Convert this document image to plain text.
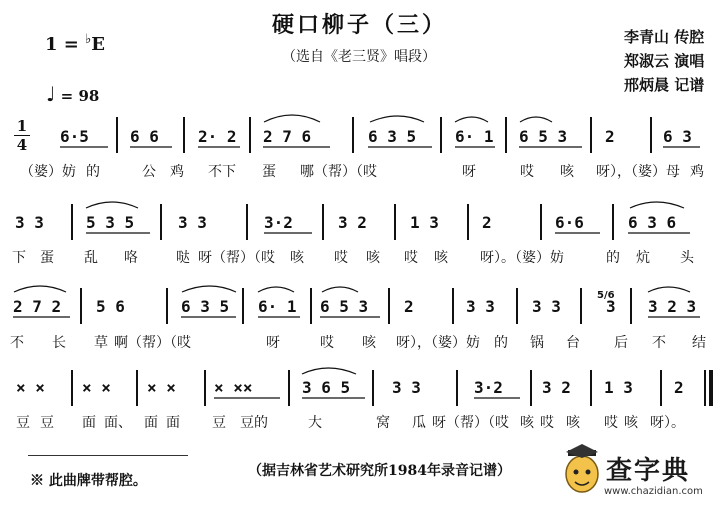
硬口柳子（三）
（选自《老三贤》唱段）
1 = ♭E
♩ = 98
李青山 传腔
郑淑云 演唱
邢炳晨 记谱
1
4 6·5	6 6 2· 2 2 7 6	6 3 5 6· 1 6 5 3 2	6 3
（婆）妨 的	公 鸡 不下 蛋 哪（帮）（哎	呀	哎 咳 呀），（婆）母 鸡
3 3	5 3 5	3 3	3·2	3 2	1 3	2	6·6	6 3 6
下 蛋 乱 咯	哒 呀（帮）（哎 咳 哎 咳 哎 咳 呀）。（婆）妨	的 炕 头
2 7 2 5 6	6 3 5 6· 1 6 5 3 2	3 3 3 3
5/6
3 3 2 3
不 长 草 啊（帮）（哎	呀	哎 咳 呀），（婆）妨 的 锅 台 后 不 结
× × × × × × × ××	3 6 5	3 3	3·2 3 2 1 3	2
豆 豆 面 面、 面 面 豆 豆的	大	窝 瓜 呀（帮）（哎 咳 哎 咳 哎 咳 呀）。
※ 此曲牌带帮腔。
（据吉林省艺术研究所1984年录音记谱）	查字典
www.chazidian.com
